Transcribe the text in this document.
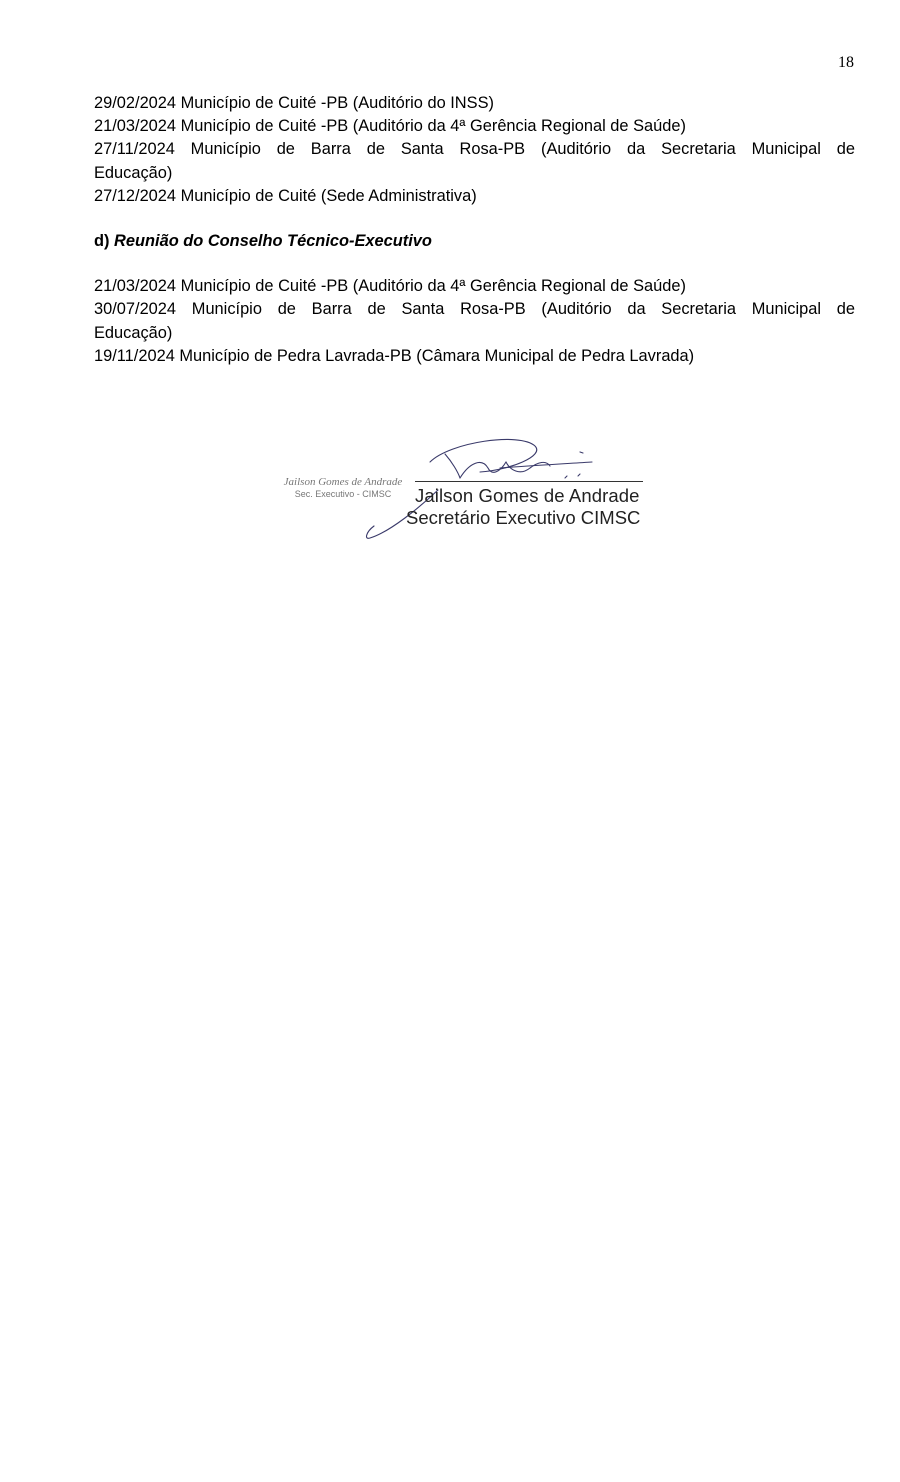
18
29/02/2024 Município de Cuité -PB (Auditório do INSS)
21/03/2024 Município de Cuité -PB (Auditório da 4ª Gerência Regional de Saúde)
27/11/2024 Município de Barra de Santa Rosa-PB (Auditório da Secretaria Municipal de
Educação)
27/12/2024 Município de Cuité (Sede Administrativa)
d) Reunião do Conselho Técnico-Executivo
21/03/2024 Município de Cuité -PB (Auditório da 4ª Gerência Regional de Saúde)
30/07/2024 Município de Barra de Santa Rosa-PB (Auditório da Secretaria Municipal de
Educação)
19/11/2024 Município de Pedra Lavrada-PB (Câmara Municipal de Pedra Lavrada)
Jailson Gomes de Andrade
Sec. Executivo - CIMSC	Jailson Gomes de Andrade
Secretário Executivo CIMSC
